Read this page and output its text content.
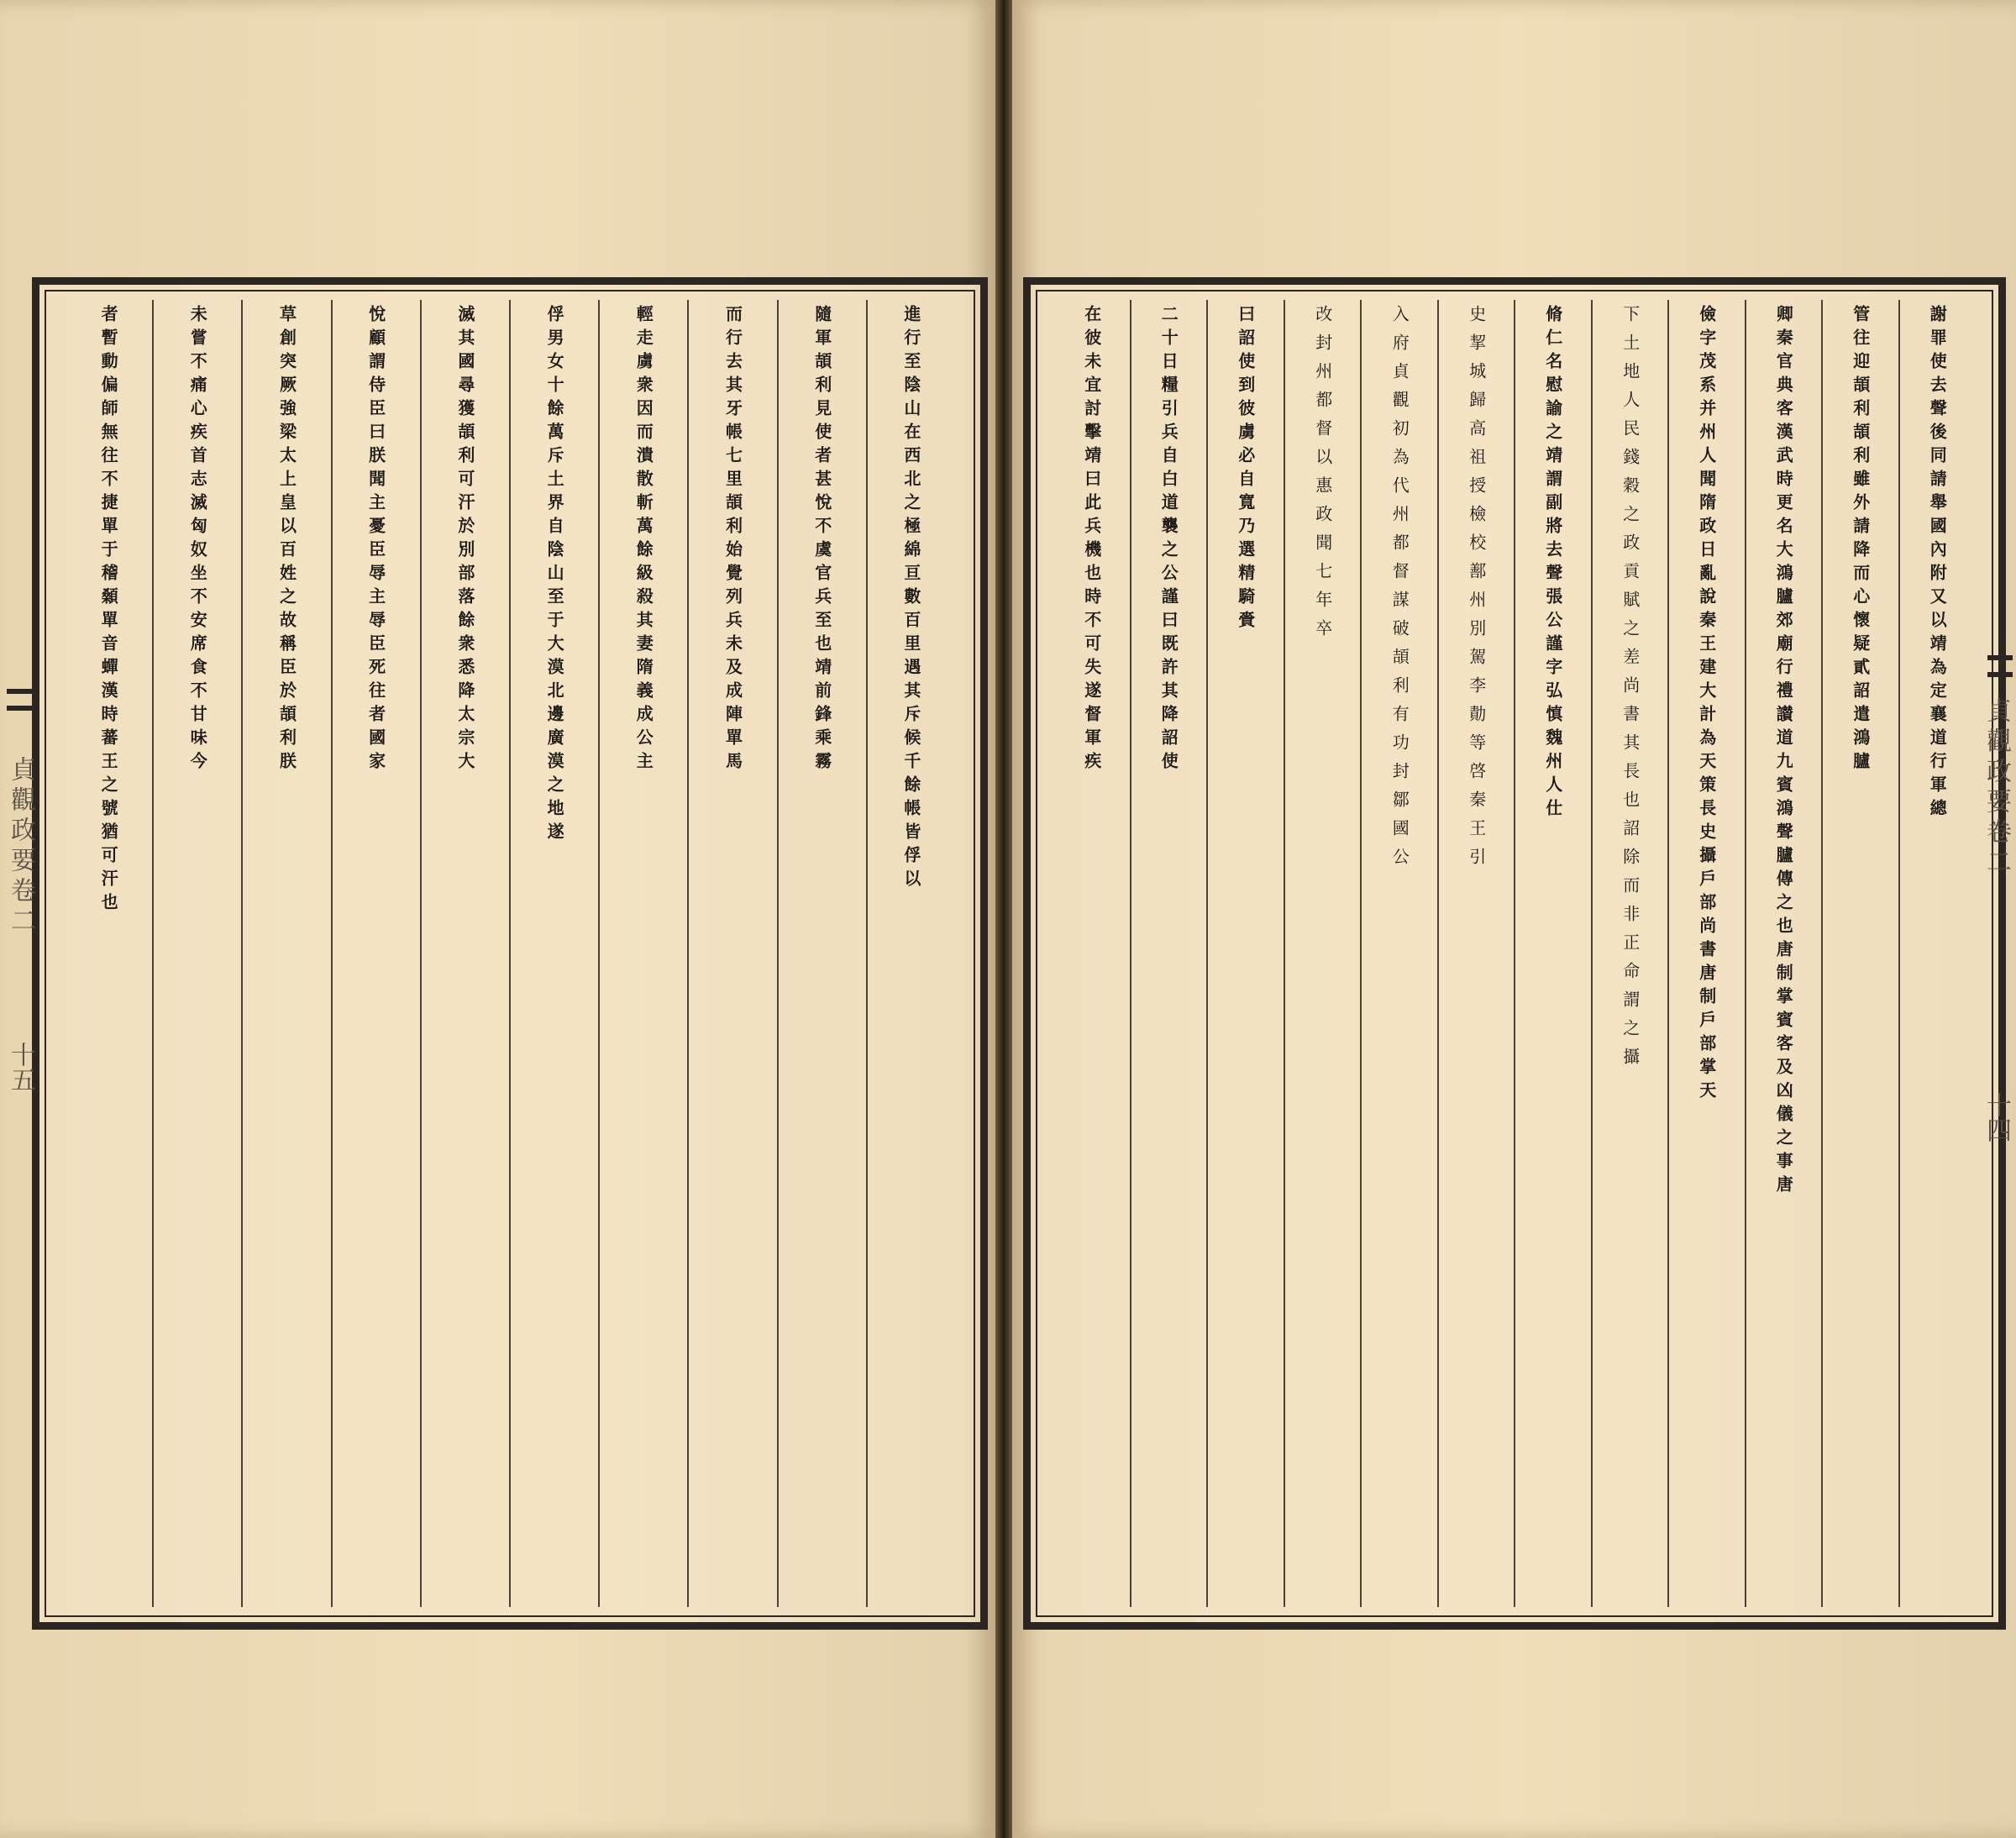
進行至陰山在西北之極綿亘數百里遇其斥候千餘帳皆俘以
隨軍頡利見使者甚悅不虞官兵至也靖前鋒乘霧
而行去其牙帳七里頡利始覺列兵未及成陣單馬
輕走虜衆因而潰散斬萬餘級殺其妻隋義成公主
俘男女十餘萬斥土界自陰山至于大漠北邊廣漠之地遂
滅其國尋獲頡利可汗於別部落餘衆悉降太宗大
悅顧謂侍臣曰朕聞主憂臣辱主辱臣死往者國家
草創突厥強梁太上皇以百姓之故稱臣於頡利朕
未嘗不痛心疾首志滅匈奴坐不安席食不甘味今
者暫動偏師無往不捷單于稽顙單音蟬漢時蕃王之號猶可汗也
貞觀政要卷二
十五
謝罪使去聲後同請舉國內附又以靖為定襄道行軍總
管往迎頡利頡利雖外請降而心懷疑貳詔遣鴻臚
卿秦官典客漢武時更名大鴻臚郊廟行禮讃道九賓鴻聲臚傳之也唐制掌賓客及凶儀之事唐
儉字茂系并州人聞隋政日亂說秦王建大計為天策長史攝戶部尚書唐制戶部掌天
下土地人民錢穀之政貢賦之差尚書其長也詔除而非正命謂之攝
脩仁名慰諭之靖謂副將去聲張公謹字弘慎魏州人仕
史挈城歸高祖授檢校鄯州別駕李勣等啓秦王引
入府貞觀初為代州都督謀破頡利有功封鄒國公
改封州都督以惠政聞七年卒
曰詔使到彼虜必自寬乃選精騎賫
二十日糧引兵自白道襲之公謹曰既許其降詔使
在彼未宜討擊靖曰此兵機也時不可失遂督軍疾
貞觀政要卷二
十四
